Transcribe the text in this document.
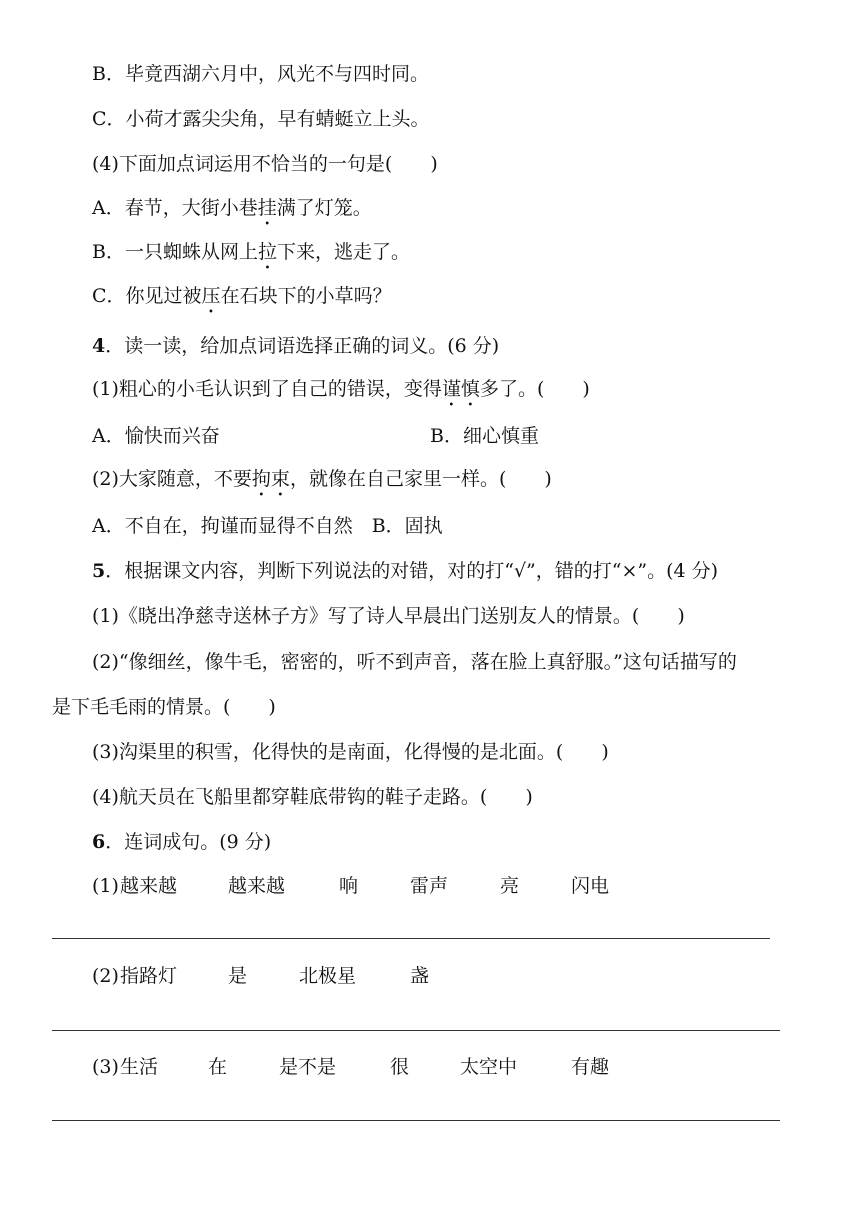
B．毕竟西湖六月中，风光不与四时同。
C．小荷才露尖尖角，早有蜻蜓立上头。
(4)下面加点词运用不恰当的一句是(　　)
A．春节，大街小巷挂满了灯笼。
B．一只蜘蛛从网上拉下来，逃走了。
C．你见过被压在石块下的小草吗？
4．读一读，给加点词语选择正确的词义。(6 分)
(1)粗心的小毛认识到了自己的错误，变得谨慎多了。(　　)
A．愉快而兴奋	B．细心慎重
(2)大家随意，不要拘束，就像在自己家里一样。(　　)
A．不自在，拘谨而显得不自然　B．固执
5．根据课文内容，判断下列说法的对错，对的打“√”，错的打“×”。(4 分)
(1)《晓出净慈寺送林子方》写了诗人早晨出门送别友人的情景。(　　)
(2)“像细丝，像牛毛，密密的，听不到声音，落在脸上真舒服。”这句话描写的
是下毛毛雨的情景。(　　)
(3)沟渠里的积雪，化得快的是南面，化得慢的是北面。(　　)
(4)航天员在飞船里都穿鞋底带钩的鞋子走路。(　　)
6．连词成句。(9 分)
(1) 越来越	越来越	响	雷声	亮	闪电
(2) 指路灯	是	北极星	盏
(3) 生活	在	是不是	很	太空中	有趣
